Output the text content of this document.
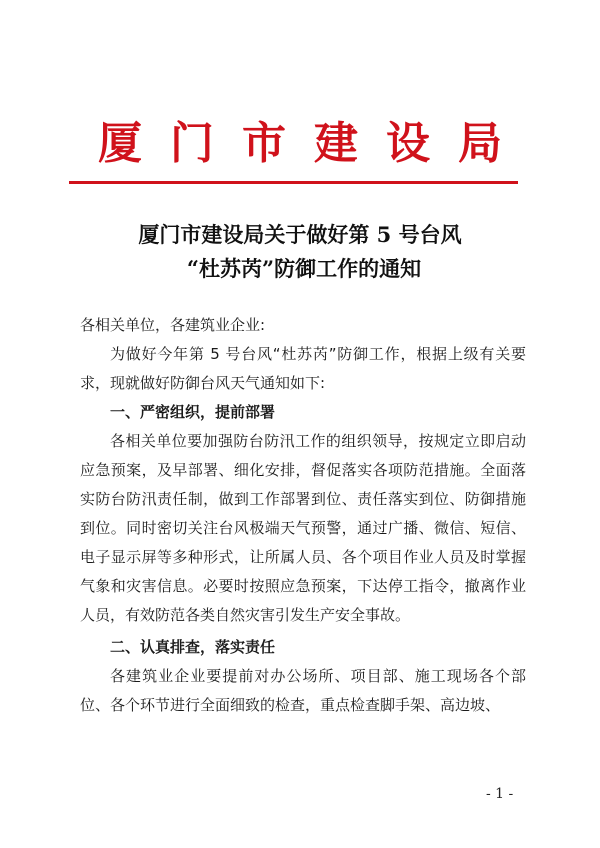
厦门市建设局
厦门市建设局关于做好第 5 号台风
“杜苏芮”防御工作的通知

各相关单位，各建筑业企业:

为做好今年第 5 号台风“杜苏芮”防御工作，根据上级有关要求，现就做好防御台风天气通知如下:

一、严密组织，提前部署

各相关单位要加强防台防汛工作的组织领导，按规定立即启动应急预案，及早部署、细化安排，督促落实各项防范措施。全面落实防台防汛责任制，做到工作部署到位、责任落实到位、防御措施到位。同时密切关注台风极端天气预警，通过广播、微信、短信、电子显示屏等多种形式，让所属人员、各个项目作业人员及时掌握气象和灾害信息。必要时按照应急预案，下达停工指令，撤离作业人员，有效防范各类自然灾害引发生产安全事故。

二、认真排查，落实责任

各建筑业企业要提前对办公场所、项目部、施工现场各个部位、各个环节进行全面细致的检查，重点检查脚手架、高边坡、

- 1 -
